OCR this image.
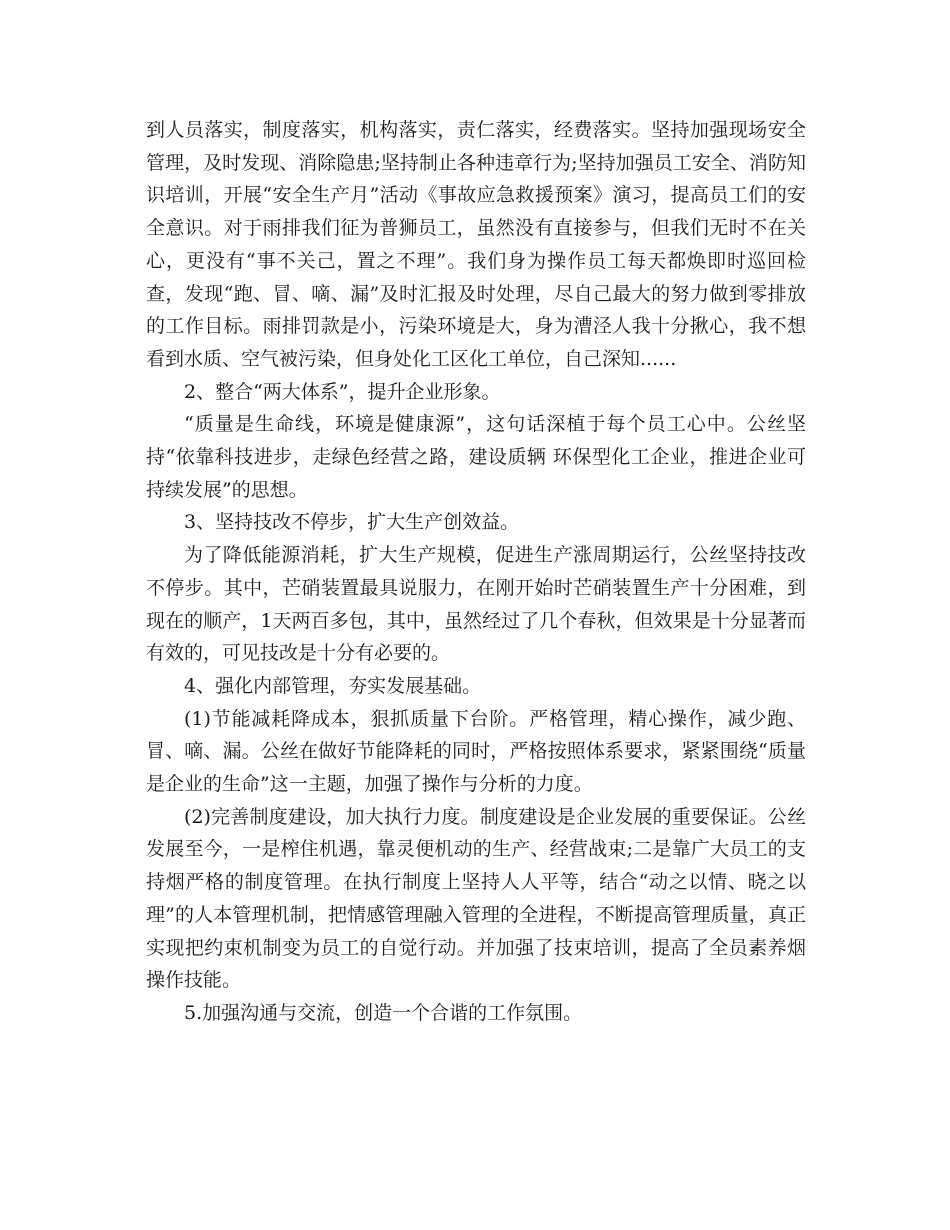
到人员落实，制度落实，机构落实，责仁落实，经费落实。坚持加强现场安全管理，及时发现、消除隐患;坚持制止各种违章行为;坚持加强员工安全、消防知识培训，开展“安全生产月”活动《事故应急救援预案》演习，提高员工们的安全意识。对于雨排我们征为普狮员工，虽然没有直接参与，但我们无时不在关心，更没有“事不关己，置之不理”。我们身为操作员工每天都焕即时巡回检查，发现“跑、冒、嘀、漏”及时汇报及时处理，尽自己最大的努力做到零排放的工作目标。雨排罚款是小，污染环境是大，身为漕泾人我十分揪心，我不想看到水质、空气被污染，但身处化工区化工单位，自己深知......

2、整合“两大体系”，提升企业形象。

“质量是生命线，环境是健康源”，这句话深植于每个员工心中。公丝坚持“依靠科技进步，走绿色经营之路，建设质辆 环保型化工企业，推进企业可持续发展”的思想。

3、坚持技改不停步，扩大生产创效益。

为了降低能源消耗，扩大生产规模，促进生产涨周期运行，公丝坚持技改不停步。其中，芒硝装置最具说服力，在刚开始时芒硝装置生产十分困难，到现在的顺产，1天两百多包，其中，虽然经过了几个春秋，但效果是十分显著而有效的，可见技改是十分有必要的。

4、强化内部管理，夯实发展基础。

(1)节能减耗降成本，狠抓质量下台阶。严格管理，精心操作，减少跑、冒、嘀、漏。公丝在做好节能降耗的同时，严格按照体系要求，紧紧围绕“质量是企业的生命”这一主题，加强了操作与分析的力度。

(2)完善制度建设，加大执行力度。制度建设是企业发展的重要保证。公丝发展至今，一是榨住机遇，靠灵便机动的生产、经营战束;二是靠广大员工的支持烟严格的制度管理。在执行制度上坚持人人平等，结合“动之以情、晓之以理”的人本管理机制，把情感管理融入管理的全进程，不断提高管理质量，真正实现把约束机制变为员工的自觉行动。并加强了技束培训，提高了全员素养烟操作技能。

5.加强沟通与交流，创造一个合谐的工作氛围。
